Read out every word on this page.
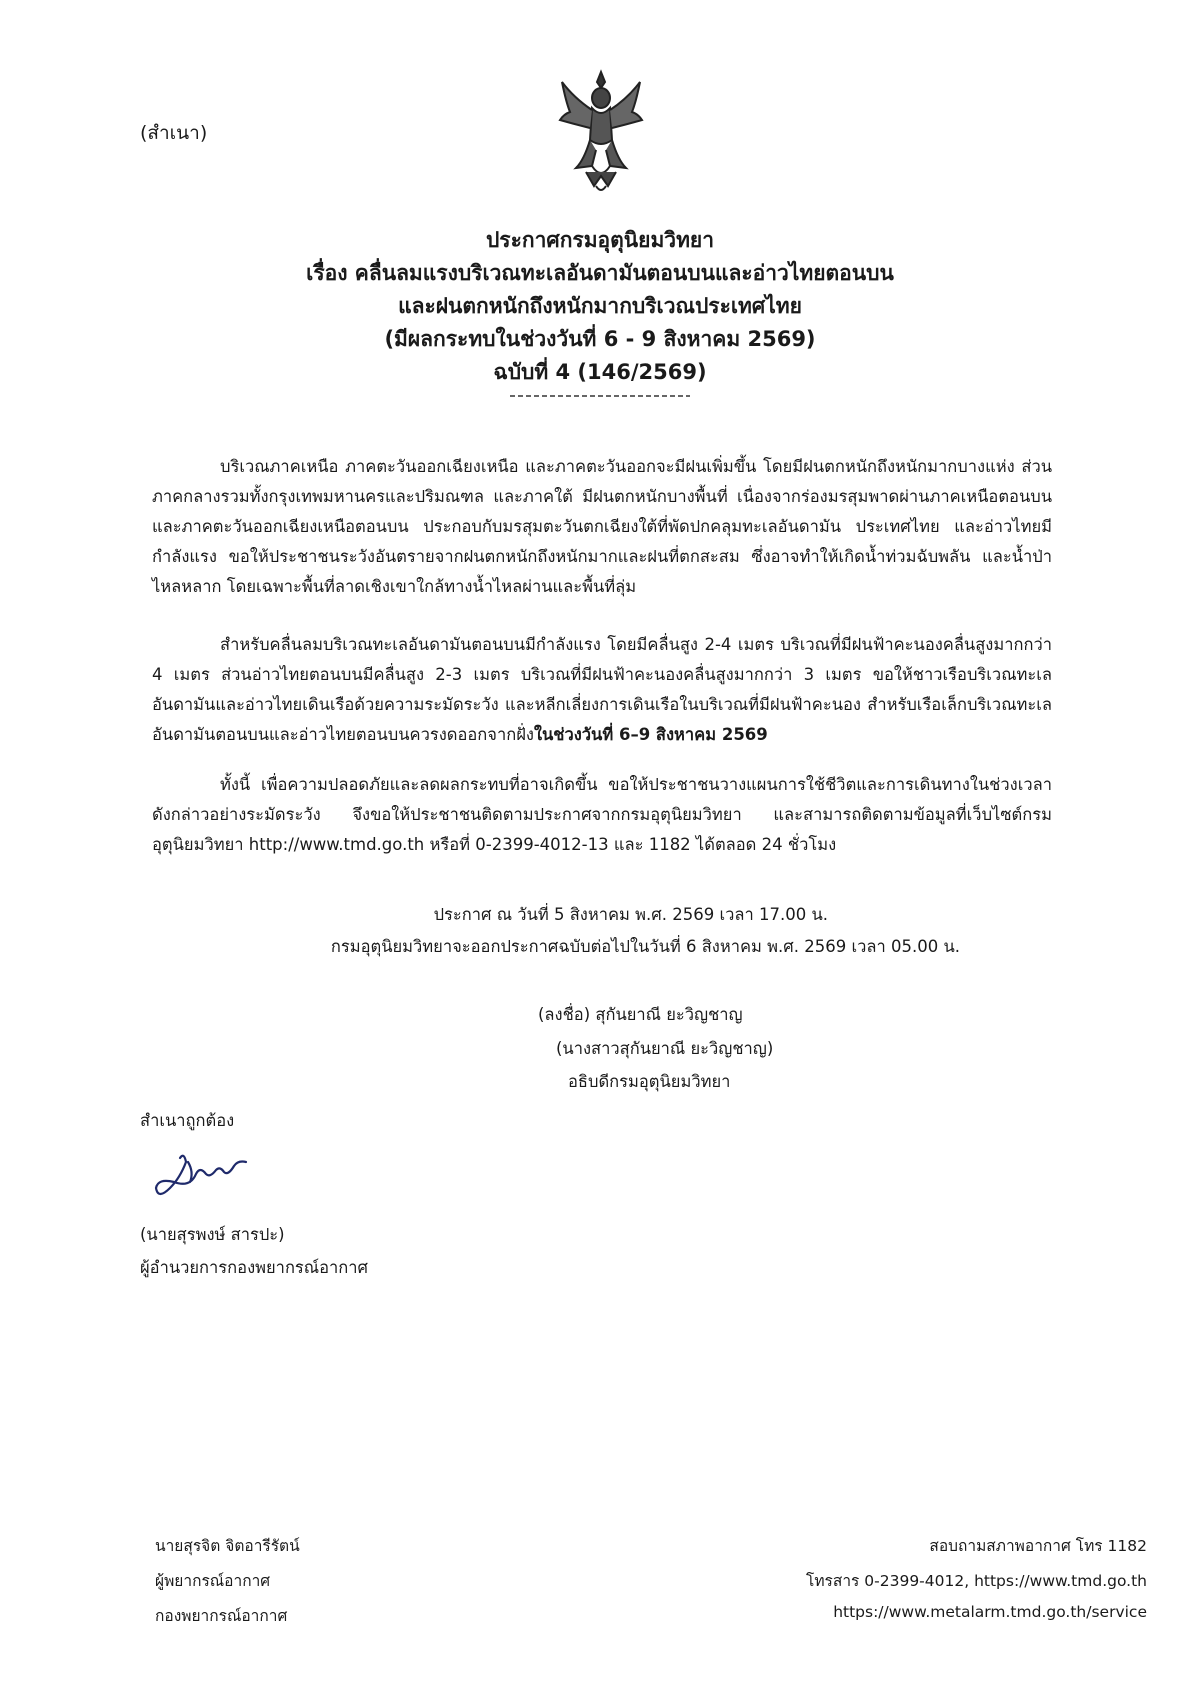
(สำเนา)
ประกาศกรมอุตุนิยมวิทยา
เรื่อง คลื่นลมแรงบริเวณทะเลอันดามันตอนบนและอ่าวไทยตอนบน
และฝนตกหนักถึงหนักมากบริเวณประเทศไทย
(มีผลกระทบในช่วงวันที่ 6 - 9 สิงหาคม 2569)
ฉบับที่ 4 (146/2569)
บริเวณภาคเหนือ ภาคตะวันออกเฉียงเหนือ และภาคตะวันออกจะมีฝนเพิ่มขึ้น โดยมีฝนตกหนักถึงหนักมากบางแห่ง ส่วนภาคกลางรวมทั้งกรุงเทพมหานครและปริมณฑล และภาคใต้ มีฝนตกหนักบางพื้นที่ เนื่องจากร่องมรสุมพาดผ่านภาคเหนือตอนบนและภาคตะวันออกเฉียงเหนือตอนบน ประกอบกับมรสุมตะวันตกเฉียงใต้ที่พัดปกคลุมทะเลอันดามัน ประเทศไทย และอ่าวไทยมีกำลังแรง ขอให้ประชาชนระวังอันตรายจากฝนตกหนักถึงหนักมากและฝนที่ตกสะสม ซึ่งอาจทำให้เกิดน้ำท่วมฉับพลัน และน้ำป่าไหลหลาก โดยเฉพาะพื้นที่ลาดเชิงเขาใกล้ทางน้ำไหลผ่านและพื้นที่ลุ่ม
สำหรับคลื่นลมบริเวณทะเลอันดามันตอนบนมีกำลังแรง โดยมีคลื่นสูง 2-4 เมตร บริเวณที่มีฝนฟ้าคะนองคลื่นสูงมากกว่า 4 เมตร ส่วนอ่าวไทยตอนบนมีคลื่นสูง 2-3 เมตร บริเวณที่มีฝนฟ้าคะนองคลื่นสูงมากกว่า 3 เมตร ขอให้ชาวเรือบริเวณทะเลอันดามันและอ่าวไทยเดินเรือด้วยความระมัดระวัง และหลีกเลี่ยงการเดินเรือในบริเวณที่มีฝนฟ้าคะนอง สำหรับเรือเล็กบริเวณทะเลอันดามันตอนบนและอ่าวไทยตอนบนควรงดออกจากฝั่งในช่วงวันที่ 6–9 สิงหาคม 2569
ทั้งนี้ เพื่อความปลอดภัยและลดผลกระทบที่อาจเกิดขึ้น ขอให้ประชาชนวางแผนการใช้ชีวิตและการเดินทางในช่วงเวลาดังกล่าวอย่างระมัดระวัง จึงขอให้ประชาชนติดตามประกาศจากกรมอุตุนิยมวิทยา และสามารถติดตามข้อมูลที่เว็บไซต์กรมอุตุนิยมวิทยา http://www.tmd.go.th หรือที่ 0-2399-4012-13 และ 1182 ได้ตลอด 24 ชั่วโมง
ประกาศ ณ วันที่ 5 สิงหาคม พ.ศ. 2569 เวลา 17.00 น.
กรมอุตุนิยมวิทยาจะออกประกาศฉบับต่อไปในวันที่ 6 สิงหาคม พ.ศ. 2569 เวลา 05.00 น.
(ลงชื่อ) สุกันยาณี ยะวิญชาญ
(นางสาวสุกันยาณี ยะวิญชาญ)
อธิบดีกรมอุตุนิยมวิทยา
สำเนาถูกต้อง
(นายสุรพงษ์ สารปะ)
ผู้อำนวยการกองพยากรณ์อากาศ
นายสุรจิต จิตอารีรัตน์
ผู้พยากรณ์อากาศ
กองพยากรณ์อากาศ
สอบถามสภาพอากาศ โทร 1182
โทรสาร 0-2399-4012, https://www.tmd.go.th
https://www.metalarm.tmd.go.th/service
